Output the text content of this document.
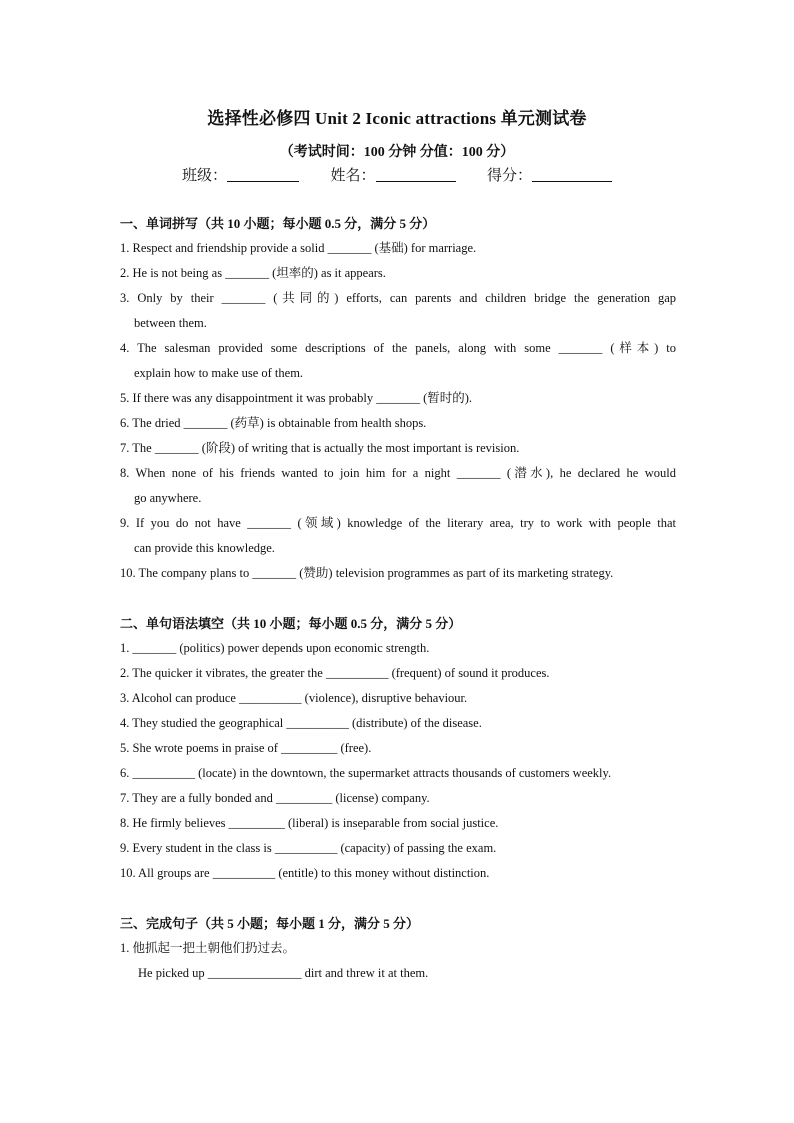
选择性必修四 Unit 2 Iconic attractions 单元测试卷
（考试时间：100 分钟 分值：100 分）
班级：	姓名：	得分：
一、单词拼写（共 10 小题；每小题 0.5 分，满分 5 分）
1. Respect and friendship provide a solid _______ (基础) for marriage.
2. He is not being as _______ (坦率的) as it appears.
3. Only by their _______ (共同的) efforts, can parents and children bridge the generation gap
between them.
4. The salesman provided some descriptions of the panels, along with some _______ (样本) to
explain how to make use of them.
5. If there was any disappointment it was probably _______ (暂时的).
6. The dried _______ (药草) is obtainable from health shops.
7. The _______ (阶段) of writing that is actually the most important is revision.
8. When none of his friends wanted to join him for a night _______ (潜水), he declared he would
go anywhere.
9. If you do not have _______ (领域) knowledge of the literary area, try to work with people that
can provide this knowledge.
10. The company plans to _______ (赞助) television programmes as part of its marketing strategy.
二、单句语法填空（共 10 小题；每小题 0.5 分，满分 5 分）
1. _______ (politics) power depends upon economic strength.
2. The quicker it vibrates, the greater the __________ (frequent) of sound it produces.
3. Alcohol can produce __________ (violence), disruptive behaviour.
4. They studied the geographical __________ (distribute) of the disease.
5. She wrote poems in praise of _________ (free).
6. __________ (locate) in the downtown, the supermarket attracts thousands of customers weekly.
7. They are a fully bonded and _________ (license) company.
8. He firmly believes _________ (liberal) is inseparable from social justice.
9. Every student in the class is __________ (capacity) of passing the exam.
10. All groups are __________ (entitle) to this money without distinction.
三、完成句子（共 5 小题；每小题 1 分，满分 5 分）
1. 他抓起一把土朝他们扔过去。
He picked up _______________ dirt and threw it at them.
